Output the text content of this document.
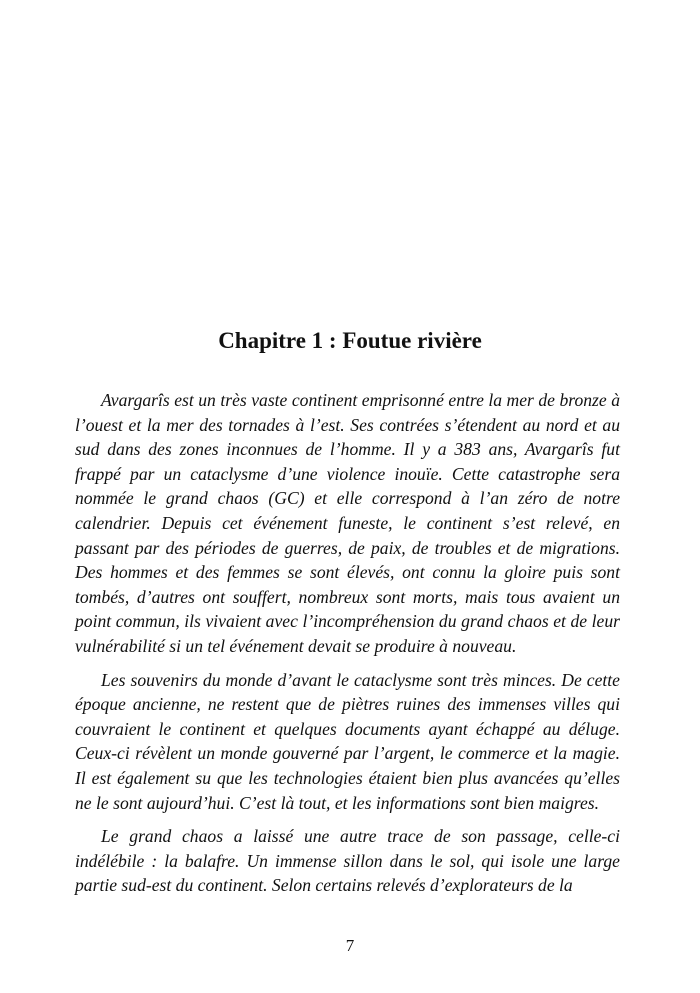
Chapitre 1 : Foutue rivière

Avargarîs est un très vaste continent emprisonné entre la mer de bronze à l’ouest et la mer des tornades à l’est. Ses contrées s’étendent au nord et au sud dans des zones inconnues de l’homme. Il y a 383 ans, Avargarîs fut frappé par un cataclysme d’une violence inouïe. Cette catastrophe sera nommée le grand chaos (GC) et elle correspond à l’an zéro de notre calendrier. Depuis cet événement funeste, le continent s’est relevé, en passant par des périodes de guerres, de paix, de troubles et de migrations. Des hommes et des femmes se sont élevés, ont connu la gloire puis sont tombés, d’autres ont souffert, nombreux sont morts, mais tous avaient un point commun, ils vivaient avec l’incompréhension du grand chaos et de leur vulnérabilité si un tel événement devait se produire à nouveau.

Les souvenirs du monde d’avant le cataclysme sont très minces. De cette époque ancienne, ne restent que de piètres ruines des immenses villes qui couvraient le continent et quelques documents ayant échappé au déluge. Ceux-ci révèlent un monde gouverné par l’argent, le commerce et la magie. Il est également su que les technologies étaient bien plus avancées qu’elles ne le sont aujourd’hui. C’est là tout, et les informations sont bien maigres.

Le grand chaos a laissé une autre trace de son passage, celle-ci indélébile : la balafre. Un immense sillon dans le sol, qui isole une large partie sud-est du continent. Selon certains relevés d’explorateurs de la

7
